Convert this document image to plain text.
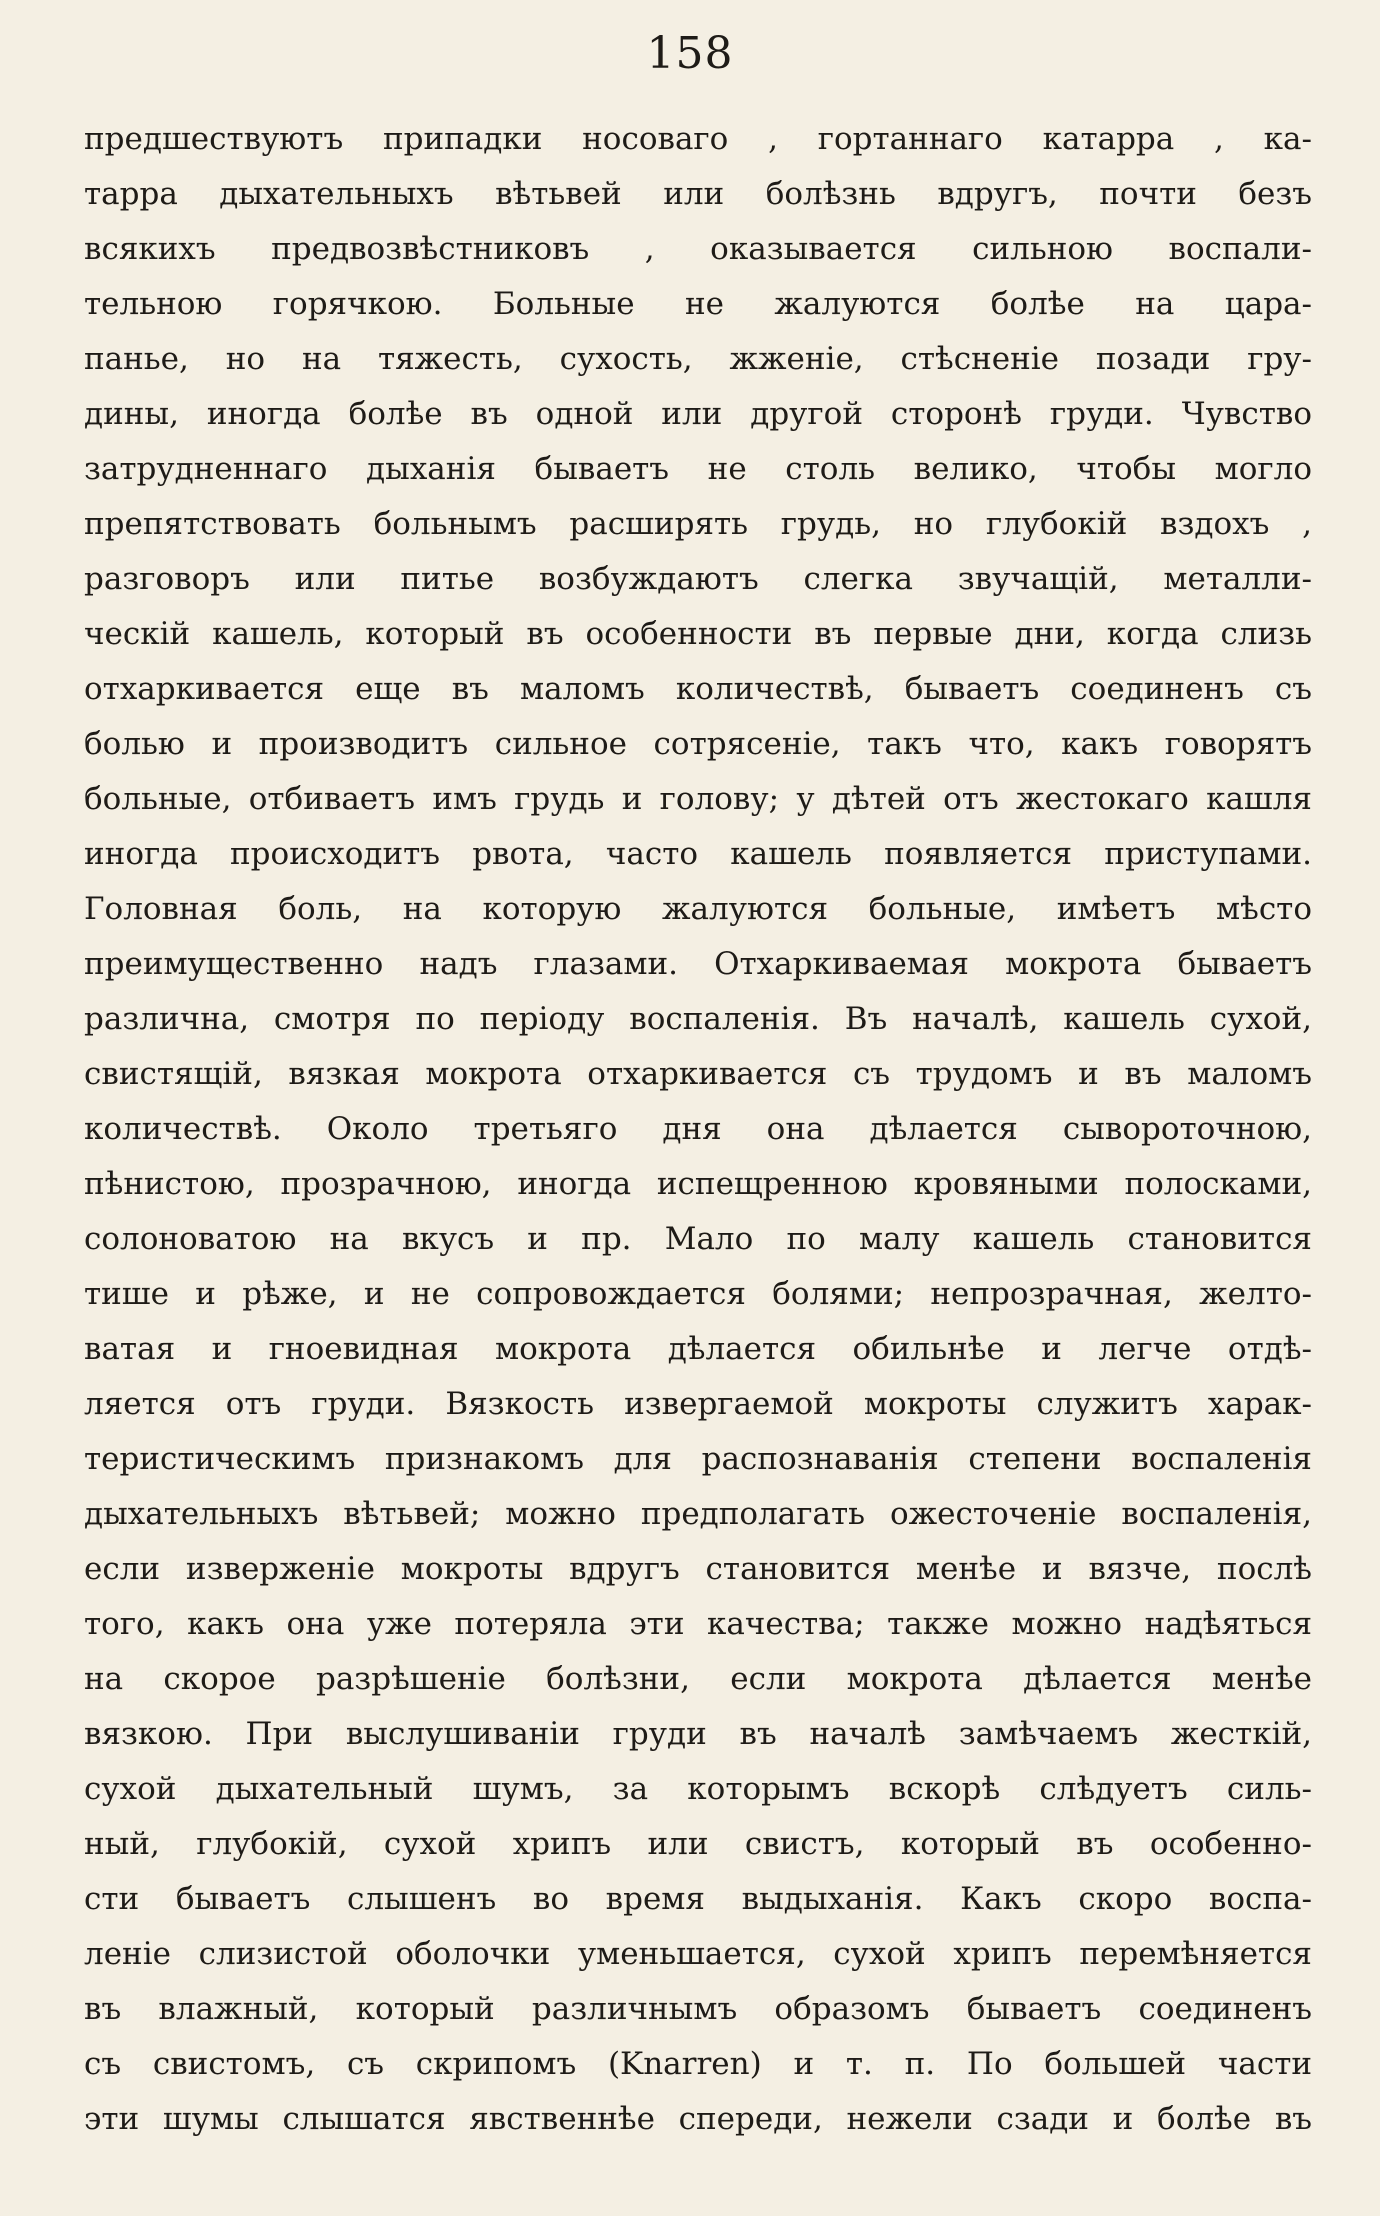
158
предшествуютъ припадки носоваго , гортаннаго катарра , ка-
тарра дыхательныхъ вѣтьвей или болѣзнь вдругъ, почти безъ
всякихъ предвозвѣстниковъ , оказывается сильною воспали-
тельною горячкою. Больные не жалуются болѣе на цара-
панье, но на тяжесть, сухость, жженіе, стѣсненіе позади гру-
дины, иногда болѣе въ одной или другой сторонѣ груди. Чувство
затрудненнаго дыханія бываетъ не столь велико, чтобы могло
препятствовать больнымъ расширять грудь, но глубокій вздохъ ,
разговоръ или питье возбуждаютъ слегка звучащій, металли-
ческій кашель, который въ особенности въ первые дни, когда слизь
отхаркивается еще въ маломъ количествѣ, бываетъ соединенъ съ
болью и производитъ сильное сотрясеніе, такъ что, какъ говорятъ
больные, отбиваетъ имъ грудь и голову; у дѣтей отъ жестокаго кашля
иногда происходитъ рвота, часто кашель появляется приступами.
Головная боль, на которую жалуются больные, имѣетъ мѣсто
преимущественно надъ глазами. Отхаркиваемая мокрота бываетъ
различна, смотря по періоду воспаленія. Въ началѣ, кашель сухой,
свистящій, вязкая мокрота отхаркивается съ трудомъ и въ маломъ
количествѣ. Около третьяго дня она дѣлается сывороточною,
пѣнистою, прозрачною, иногда испещренною кровяными полосками,
солоноватою на вкусъ и пр. Мало по малу кашель становится
тише и рѣже, и не сопровождается болями; непрозрачная, желто-
ватая и гноевидная мокрота дѣлается обильнѣе и легче отдѣ-
ляется отъ груди. Вязкость извергаемой мокроты служитъ харак-
теристическимъ признакомъ для распознаванія степени воспаленія
дыхательныхъ вѣтьвей; можно предполагать ожесточеніе воспаленія,
если изверженіе мокроты вдругъ становится менѣе и вязче, послѣ
того, какъ она уже потеряла эти качества; также можно надѣяться
на скорое разрѣшеніе болѣзни, если мокрота дѣлается менѣе
вязкою. При выслушиваніи груди въ началѣ замѣчаемъ жесткій,
сухой дыхательный шумъ, за которымъ вскорѣ слѣдуетъ силь-
ный, глубокій, сухой хрипъ или свистъ, который въ особенно-
сти бываетъ слышенъ во время выдыханія. Какъ скоро воспа-
леніе слизистой оболочки уменьшается, сухой хрипъ перемѣняется
въ влажный, который различнымъ образомъ бываетъ соединенъ
съ свистомъ, съ скрипомъ (Knarren) и т. п. По большей части
эти шумы слышатся явственнѣе спереди, нежели сзади и болѣе въ
